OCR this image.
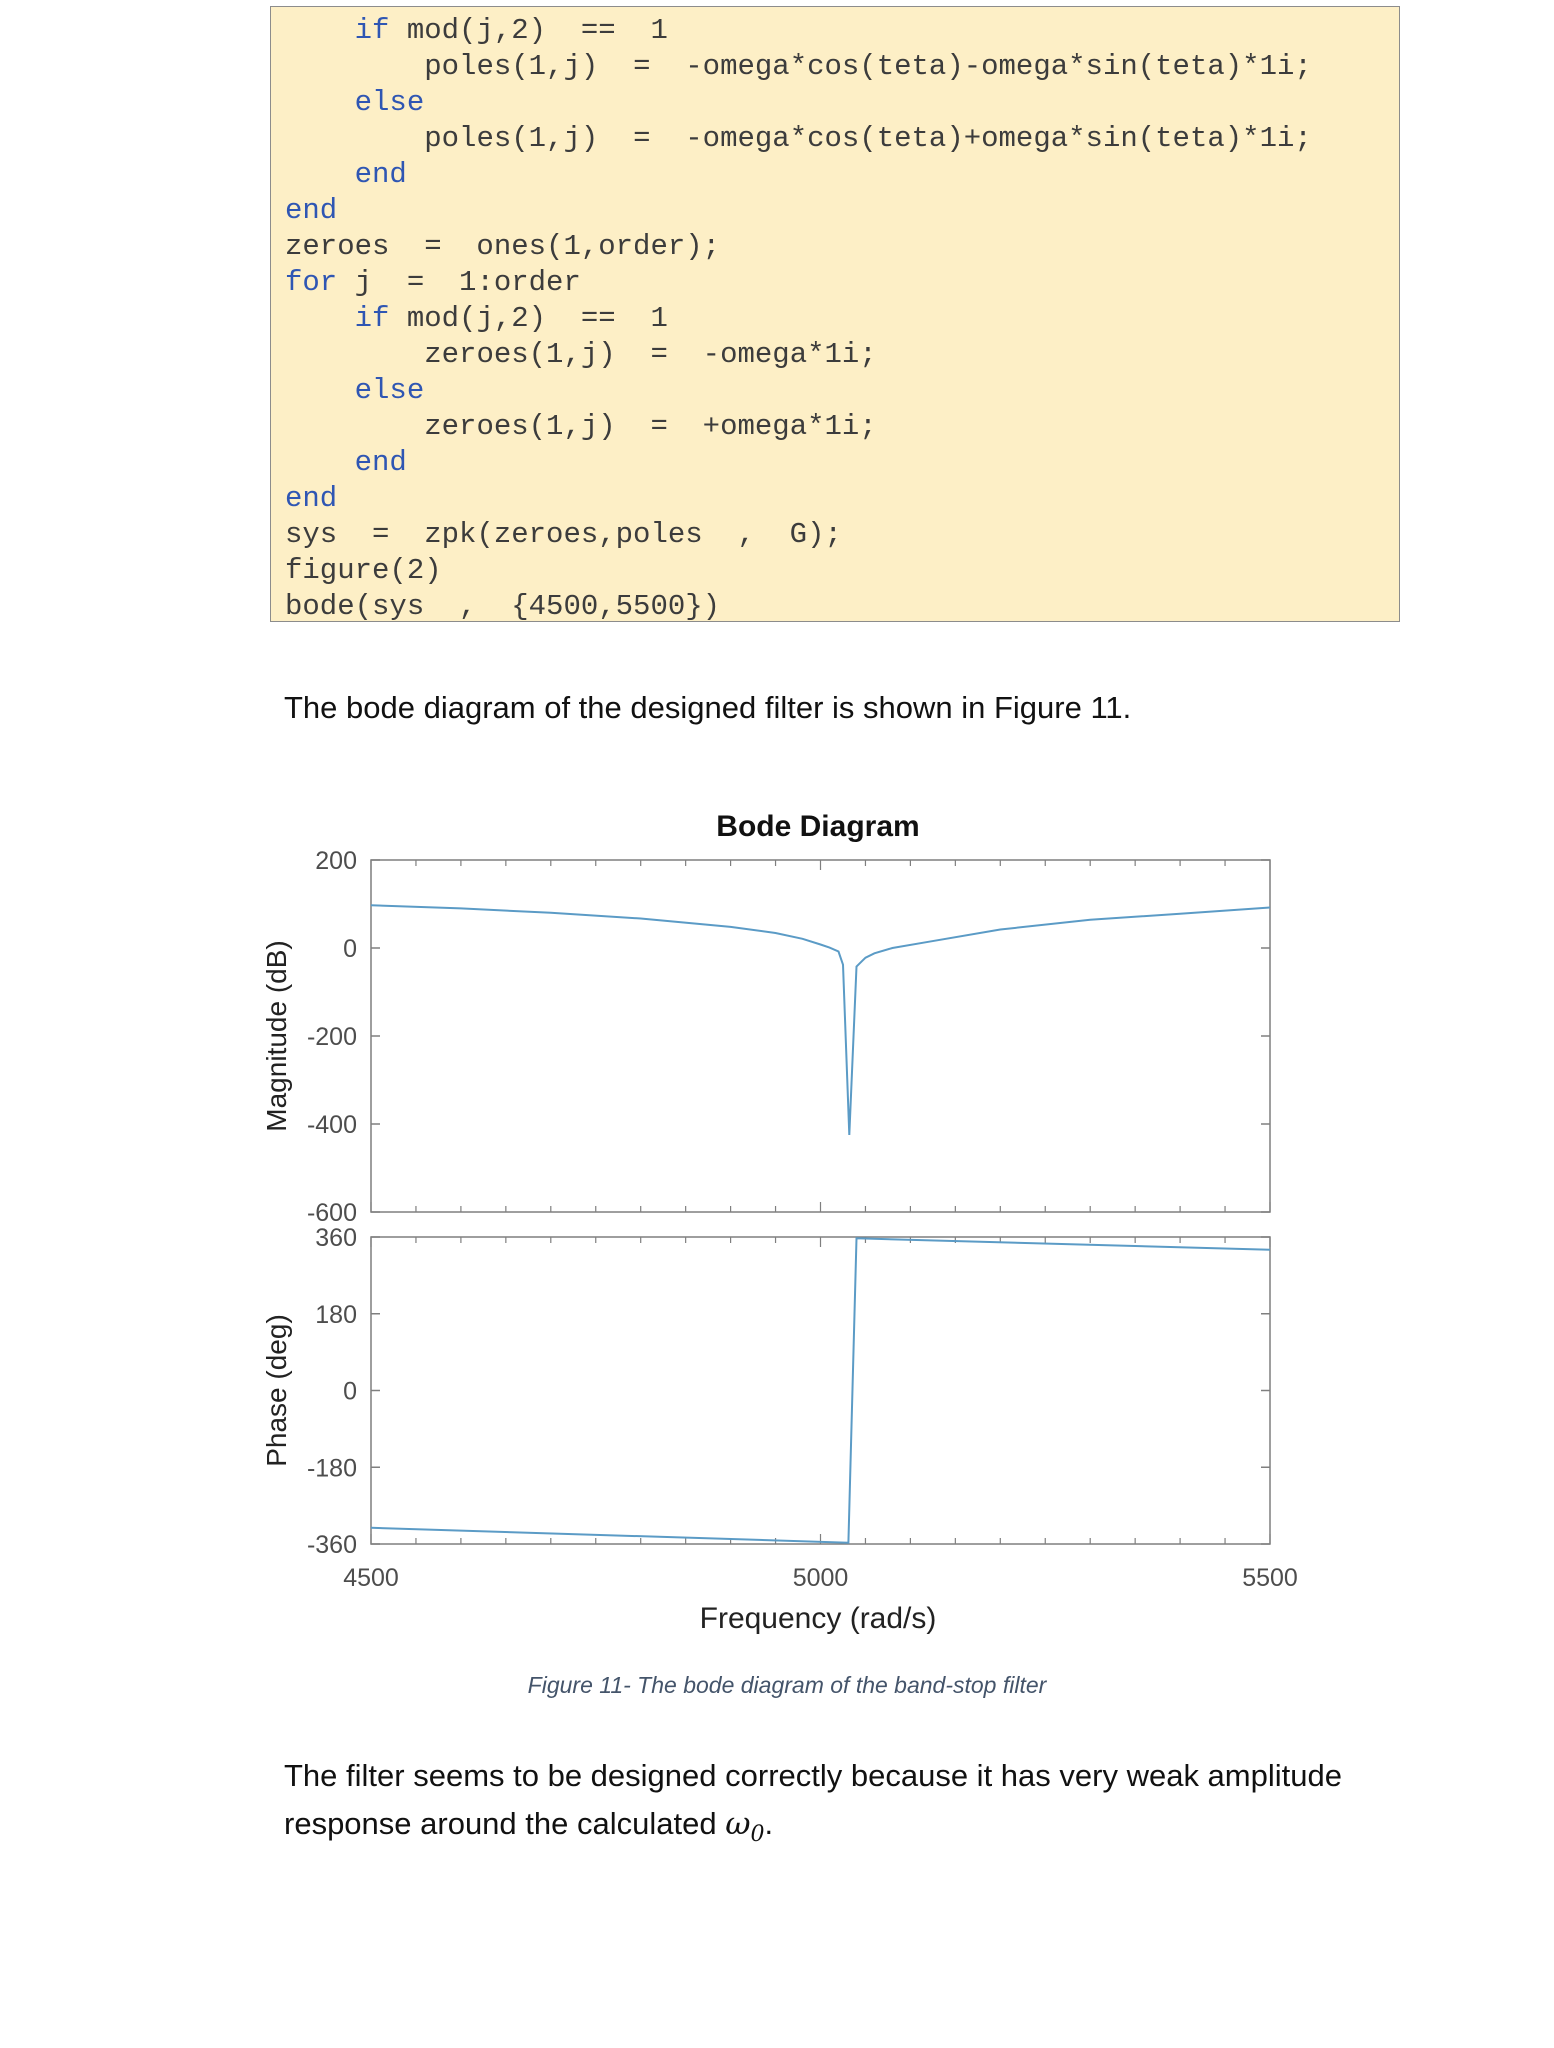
if mod(j,2)  ==  1

poles(1,j)  =  -omega*cos(teta)-omega*sin(teta)*1i;

else

poles(1,j)  =  -omega*cos(teta)+omega*sin(teta)*1i;

end

end

zeroes  =  ones(1,order);

for j  =  1:order

if mod(j,2)  ==  1

zeroes(1,j)  =  -omega*1i;

else

zeroes(1,j)  =  +omega*1i;

end

end

sys  =  zpk(zeroes,poles  ,  G);

figure(2)

bode(sys  ,  {4500,5500})

The bode diagram of the designed filter is shown in Figure 11.

Bode Diagram
200
0
-200
-400
-600
Magnitude (dB)
360
180
0
-180
-360
Phase (deg)
4500	5000	5500
Frequency (rad/s)

Figure 11- The bode diagram of the band-stop filter

The filter seems to be designed correctly because it has very weak amplitude

response around the calculated $\omega_0$.
